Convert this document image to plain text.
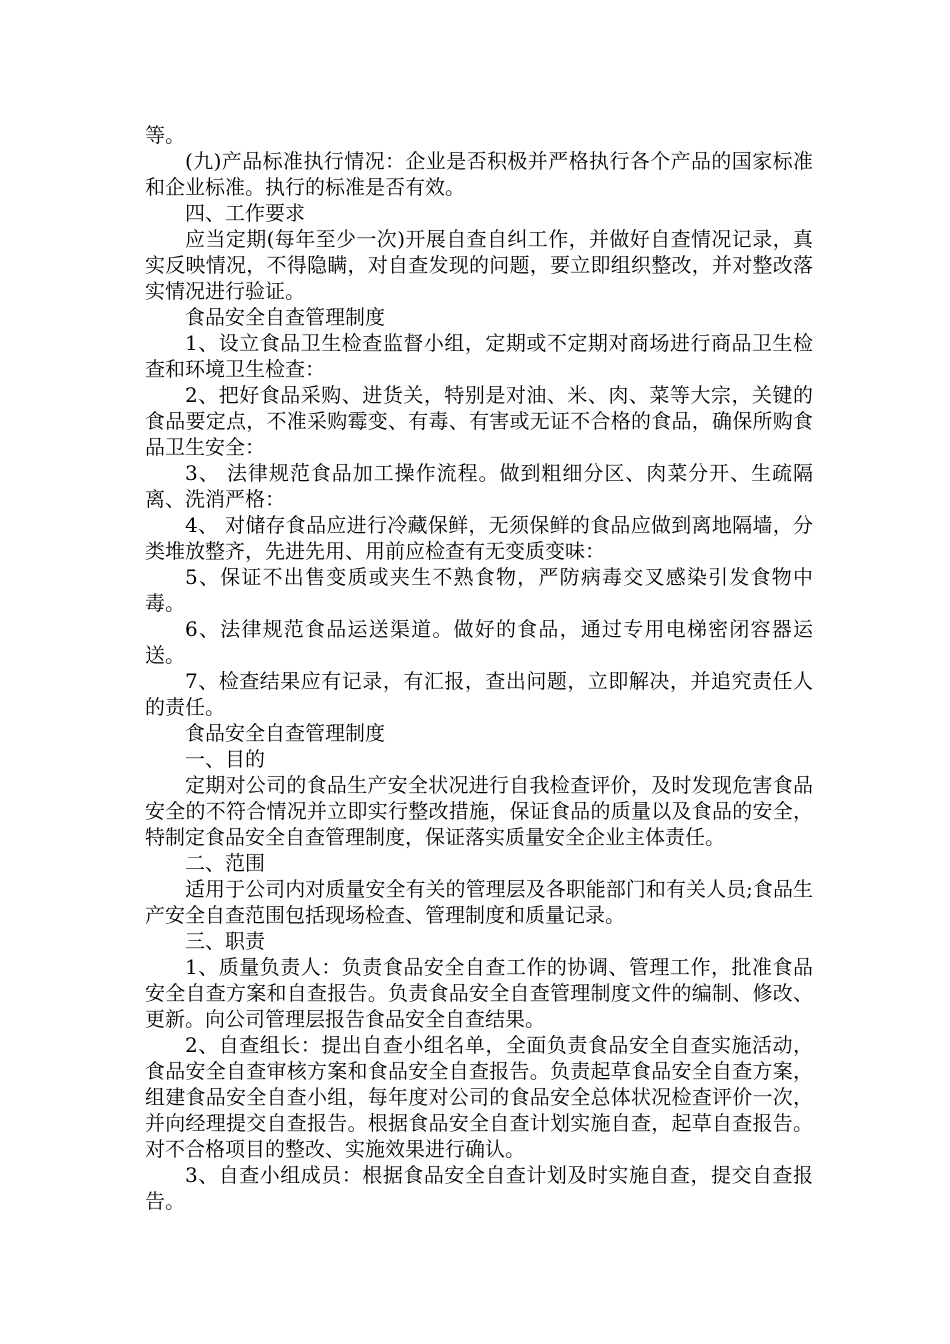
等。

(九)产品标准执行情况：企业是否积极并严格执行各个产品的国家标准和企业标准。执行的标准是否有效。

四、工作要求

应当定期(每年至少一次)开展自查自纠工作，并做好自查情况记录，真实反映情况，不得隐瞒，对自查发现的问题，要立即组织整改，并对整改落实情况进行验证。

食品安全自查管理制度

1、设立食品卫生检查监督小组，定期或不定期对商场进行商品卫生检查和环境卫生检查：

2、把好食品采购、进货关，特别是对油、米、肉、菜等大宗，关键的食品要定点，不准采购霉变、有毒、有害或无证不合格的食品，确保所购食品卫生安全：

3、 法律规范食品加工操作流程。做到粗细分区、肉菜分开、生疏隔离、洗消严格：

4、 对储存食品应进行冷藏保鲜，无须保鲜的食品应做到离地隔墙，分类堆放整齐，先进先用、用前应检查有无变质变味：

5、保证不出售变质或夹生不熟食物，严防病毒交叉感染引发食物中毒。

6、法律规范食品运送渠道。做好的食品，通过专用电梯密闭容器运送。

7、检查结果应有记录，有汇报，查出问题，立即解决，并追究责任人的责任。

食品安全自查管理制度

一、目的

定期对公司的食品生产安全状况进行自我检查评价，及时发现危害食品安全的不符合情况并立即实行整改措施，保证食品的质量以及食品的安全，特制定食品安全自查管理制度，保证落实质量安全企业主体责任。

二、范围

适用于公司内对质量安全有关的管理层及各职能部门和有关人员;食品生产安全自查范围包括现场检查、管理制度和质量记录。

三、职责

1、质量负责人：负责食品安全自查工作的协调、管理工作，批准食品安全自查方案和自查报告。负责食品安全自查管理制度文件的编制、修改、更新。向公司管理层报告食品安全自查结果。

2、自查组长：提出自查小组名单，全面负责食品安全自查实施活动，食品安全自查审核方案和食品安全自查报告。负责起草食品安全自查方案，组建食品安全自查小组，每年度对公司的食品安全总体状况检查评价一次，并向经理提交自查报告。根据食品安全自查计划实施自查，起草自查报告。对不合格项目的整改、实施效果进行确认。

3、自查小组成员：根据食品安全自查计划及时实施自查，提交自查报告。
